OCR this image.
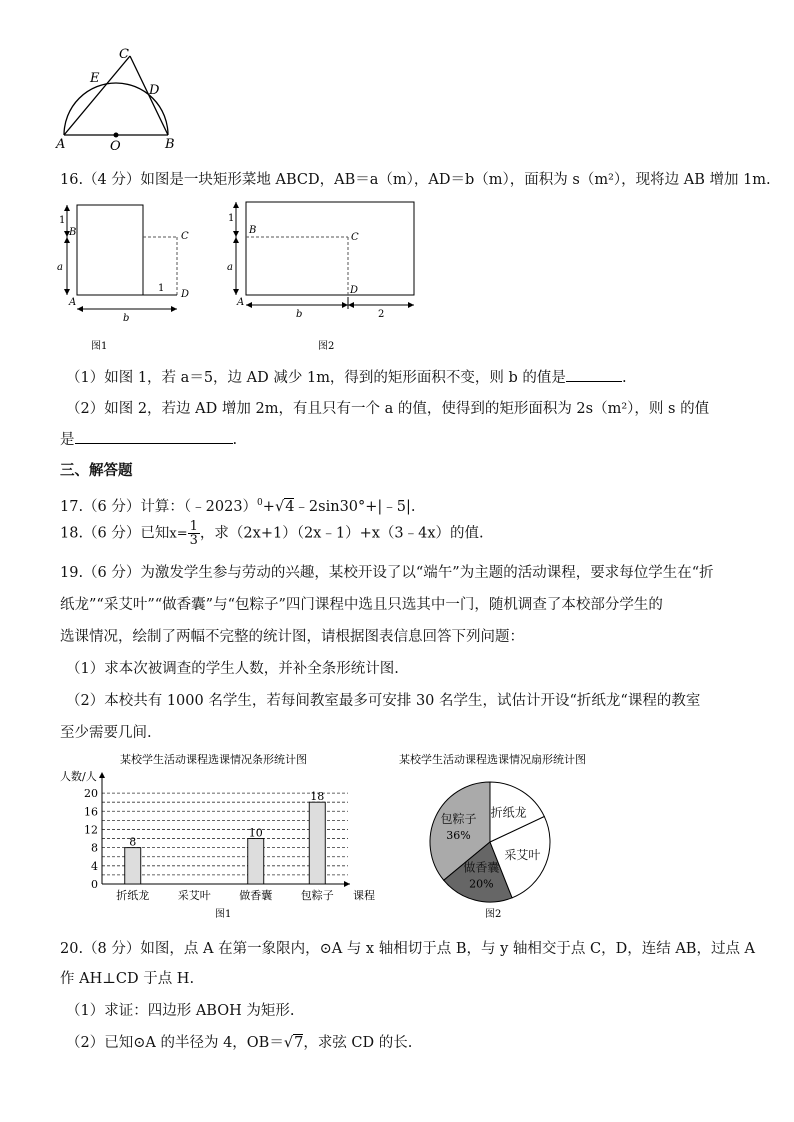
C
E
D
A	O	B
16.（4 分）如图是一块矩形菜地 ABCD，AB＝a（m），AD＝b（m），面积为 s（m²），现将边 AB 增加 1m.
1
B	C
a
A
D
1
b
图1
1
B
C
a
A
D
b	2
图2
（1）如图 1，若 a＝5，边 AD 减少 1m，得到的矩形面积不变，则 b 的值是	.
（2）如图 2，若边 AD 增加 2m，有且只有一个 a 的值，使得到的矩形面积为 2s（m²），则 s 的值
是	.
三、解答题
17.（6 分）计算：（﹣2023）$^0$+√4﹣2sin30°+|﹣5|.
18.（6 分）已知$x= \frac{1}{3}$ ，求（2x+1）（2x﹣1）+x（3﹣4x）的值.
19.（6 分）为激发学生参与劳动的兴趣，某校开设了以“端午”为主题的活动课程，要求每位学生在“折
纸龙”“采艾叶”“做香囊”与“包粽子”四门课程中选且只选其中一门，随机调查了本校部分学生的
选课情况，绘制了两幅不完整的统计图，请根据图表信息回答下列问题：
（1）求本次被调查的学生人数，并补全条形统计图.
（2）本校共有 1000 名学生，若每间教室最多可安排 30 名学生，试估计开设“折纸龙“课程的教室
至少需要几间.
某校学生活动课程选课情况条形统计图
人数/人
课程
图1
0
4
8
12
16
20
8
折纸龙	采艾叶
10
做香囊
18
包粽子
某校学生活动课程选课情况扇形统计图
包粽子
36%
做香囊
20%
采艾叶
折纸龙
图2
20.（8 分）如图，点 A 在第一象限内，⊙A 与 x 轴相切于点 B，与 y 轴相交于点 C，D，连结 AB，过点 A
作 AH⊥CD 于点 H.
（1）求证：四边形 ABOH 为矩形.
（2）已知⊙A 的半径为 4，OB＝√7，求弦 CD 的长.
